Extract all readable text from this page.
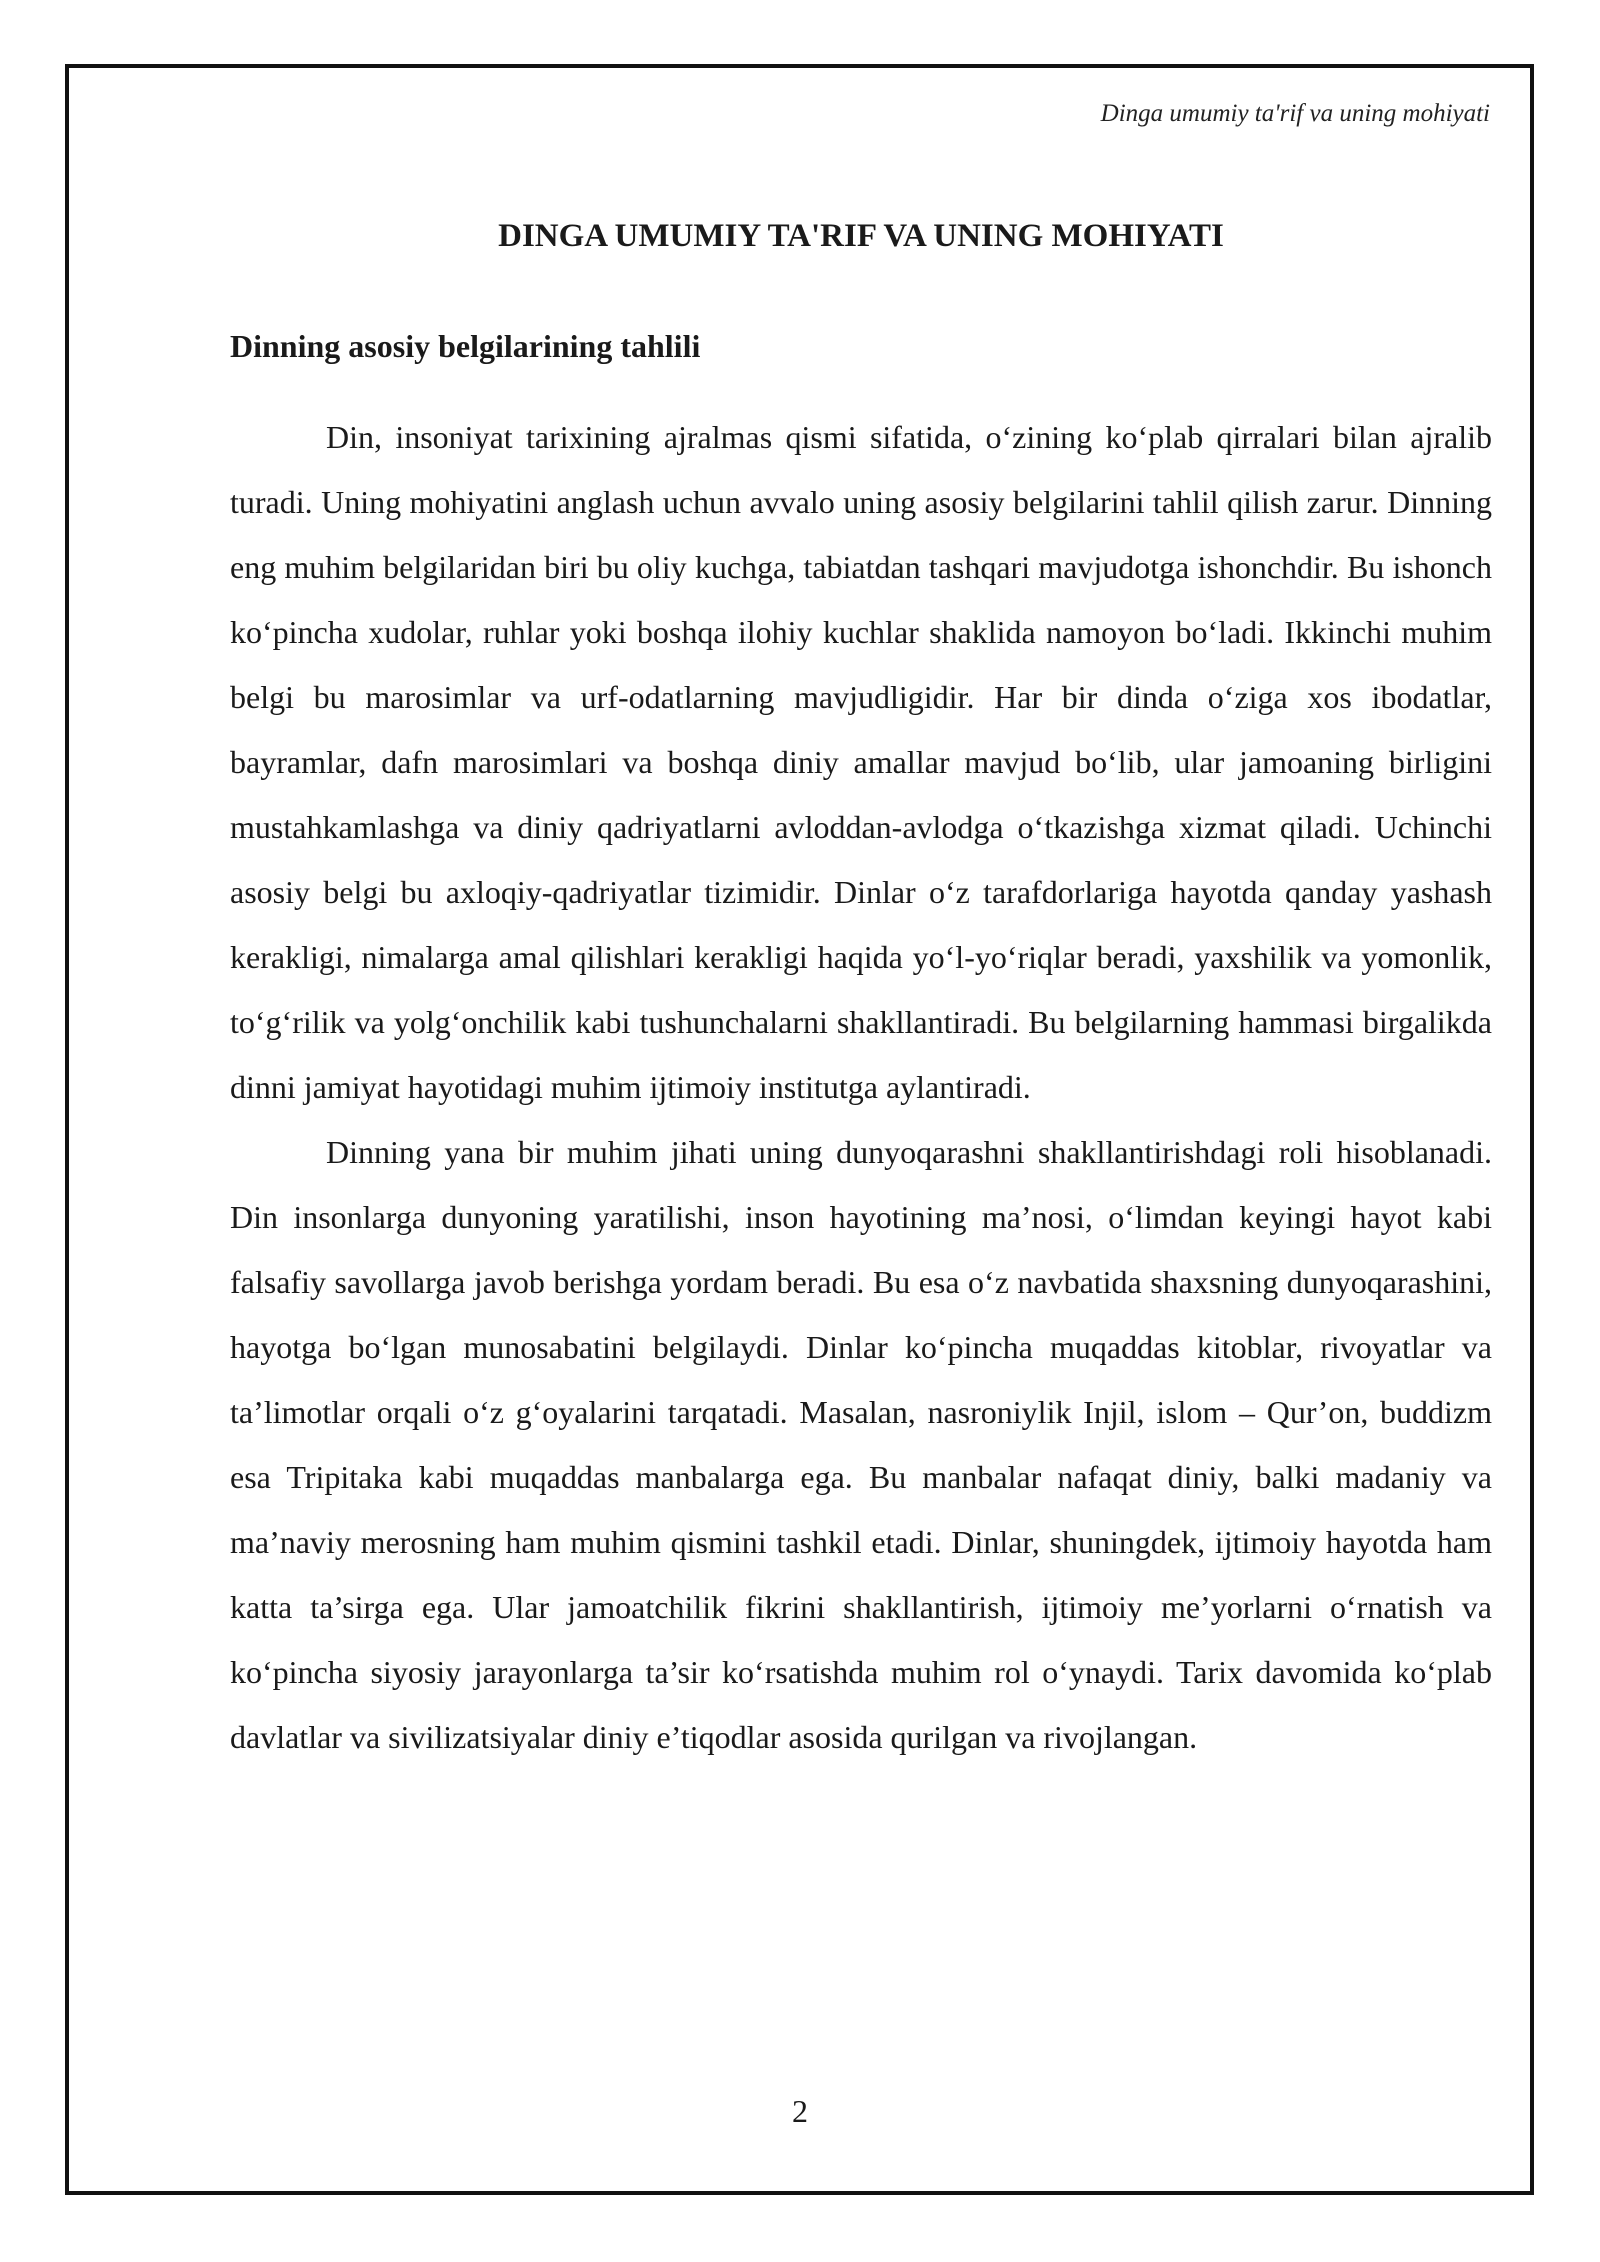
Dinga umumiy ta'rif va uning mohiyati
DINGA UMUMIY TA'RIF VA UNING MOHIYATI
Dinning asosiy belgilarining tahlili

Din, insoniyat tarixining ajralmas qismi sifatida, o‘zining ko‘plab qirralari bilan ajralib turadi. Uning mohiyatini anglash uchun avvalo uning asosiy belgilarini tahlil qilish zarur. Dinning eng muhim belgilaridan biri bu oliy kuchga, tabiatdan tashqari mavjudotga ishonchdir. Bu ishonch ko‘pincha xudolar, ruhlar yoki boshqa ilohiy kuchlar shaklida namoyon bo‘ladi. Ikkinchi muhim belgi bu marosimlar va urf-odatlarning mavjudligidir. Har bir dinda o‘ziga xos ibodatlar, bayramlar, dafn marosimlari va boshqa diniy amallar mavjud bo‘lib, ular jamoaning birligini mustahkamlashga va diniy qadriyatlarni avloddan-avlodga o‘tkazishga xizmat qiladi. Uchinchi asosiy belgi bu axloqiy-qadriyatlar tizimidir. Dinlar o‘z tarafdorlariga hayotda qanday yashash kerakligi, nimalarga amal qilishlari kerakligi haqida yo‘l-yo‘riqlar beradi, yaxshilik va yomonlik, to‘g‘rilik va yolg‘onchilik kabi tushunchalarni shakllantiradi. Bu belgilarning hammasi birgalikda dinni jamiyat hayotidagi muhim ijtimoiy institutga aylantiradi.

Dinning yana bir muhim jihati uning dunyoqarashni shakllantirishdagi roli hisoblanadi. Din insonlarga dunyoning yaratilishi, inson hayotining ma’nosi, o‘limdan keyingi hayot kabi falsafiy savollarga javob berishga yordam beradi. Bu esa o‘z navbatida shaxsning dunyoqarashini, hayotga bo‘lgan munosabatini belgilaydi. Dinlar ko‘pincha muqaddas kitoblar, rivoyatlar va ta’limotlar orqali o‘z g‘oyalarini tarqatadi. Masalan, nasroniylik Injil, islom – Qur’on, buddizm esa Tripitaka kabi muqaddas manbalarga ega. Bu manbalar nafaqat diniy, balki madaniy va ma’naviy merosning ham muhim qismini tashkil etadi. Dinlar, shuningdek, ijtimoiy hayotda ham katta ta’sirga ega. Ular jamoatchilik fikrini shakllantirish, ijtimoiy me’yorlarni o‘rnatish va ko‘pincha siyosiy jarayonlarga ta’sir ko‘rsatishda muhim rol o‘ynaydi. Tarix davomida ko‘plab davlatlar va sivilizatsiyalar diniy e’tiqodlar asosida qurilgan va rivojlangan.

2
